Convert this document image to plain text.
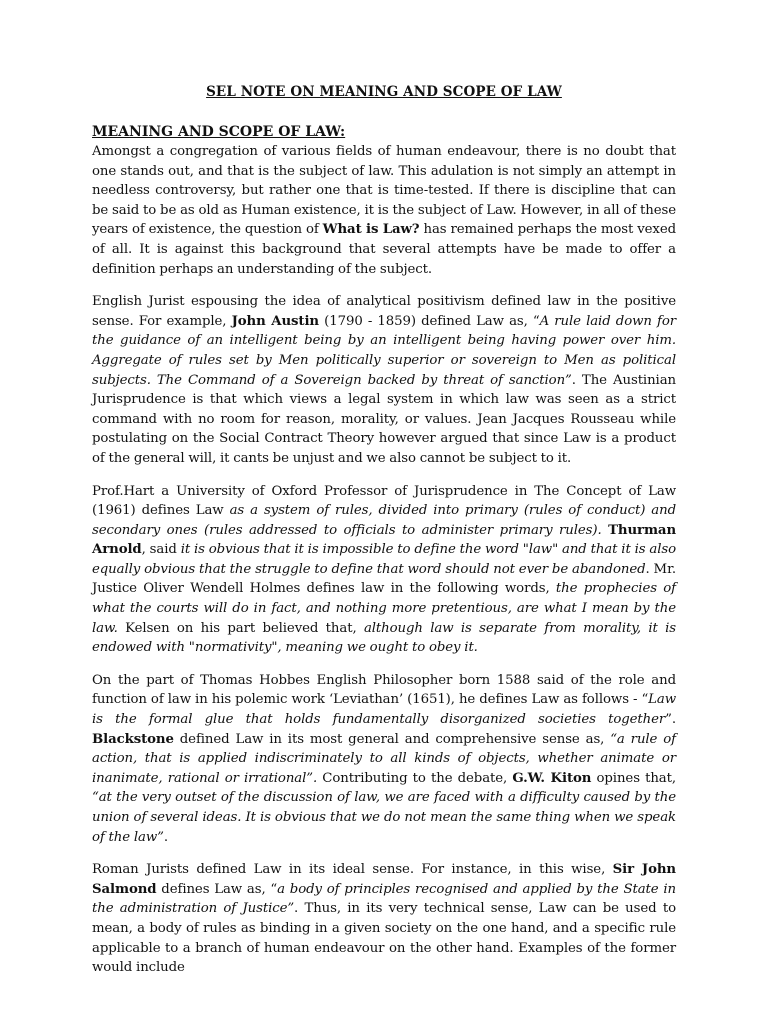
SEL NOTE ON MEANING AND SCOPE OF LAW
MEANING AND SCOPE OF LAW:

Amongst a congregation of various fields of human endeavour, there is no doubt that one stands out, and that is the subject of law. This adulation is not simply an attempt in needless controversy, but rather one that is time-tested. If there is discipline that can be said to be as old as Human existence, it is the subject of Law. However, in all of these years of existence, the question of What is Law? has remained perhaps the most vexed of all. It is against this background that several attempts have be made to offer a definition perhaps an understanding of the subject.

English Jurist espousing the idea of analytical positivism defined law in the positive sense. For example, John Austin (1790 - 1859) defined Law as, “A rule laid down for the guidance of an intelligent being by an intelligent being having power over him. Aggregate of rules set by Men politically superior or sovereign to Men as political subjects. The Command of a Sovereign backed by threat of sanction”. The Austinian Jurisprudence is that which views a legal system in which law was seen as a strict command with no room for reason, morality, or values. Jean Jacques Rousseau while postulating on the Social Contract Theory however argued that since Law is a product of the general will, it cants be unjust and we also cannot be subject to it.

Prof.Hart a University of Oxford Professor of Jurisprudence in The Concept of Law (1961) defines Law as a system of rules, divided into primary (rules of conduct) and secondary ones (rules addressed to officials to administer primary rules). Thurman Arnold, said it is obvious that it is impossible to define the word "law" and that it is also equally obvious that the struggle to define that word should not ever be abandoned. Mr. Justice Oliver Wendell Holmes defines law in the following words, the prophecies of what the courts will do in fact, and nothing more pretentious, are what I mean by the law. Kelsen on his part believed that, although law is separate from morality, it is endowed with "normativity", meaning we ought to obey it.

On the part of Thomas Hobbes English Philosopher born 1588 said of the role and function of law in his polemic work ‘Leviathan’ (1651), he defines Law as follows - “Law is the formal glue that holds fundamentally disorganized societies together”. Blackstone defined Law in its most general and comprehensive sense as, “a rule of action, that is applied indiscriminately to all kinds of objects, whether animate or inanimate, rational or irrational”. Contributing to the debate, G.W. Kiton opines that, “at the very outset of the discussion of law, we are faced with a difficulty caused by the union of several ideas. It is obvious that we do not mean the same thing when we speak of the law”.

Roman Jurists defined Law in its ideal sense. For instance, in this wise, Sir John Salmond defines Law as, “a body of principles recognised and applied by the State in the administration of Justice”. Thus, in its very technical sense, Law can be used to mean, a body of rules as binding in a given society on the one hand, and a specific rule applicable to a branch of human endeavour on the other hand. Examples of the former would include
